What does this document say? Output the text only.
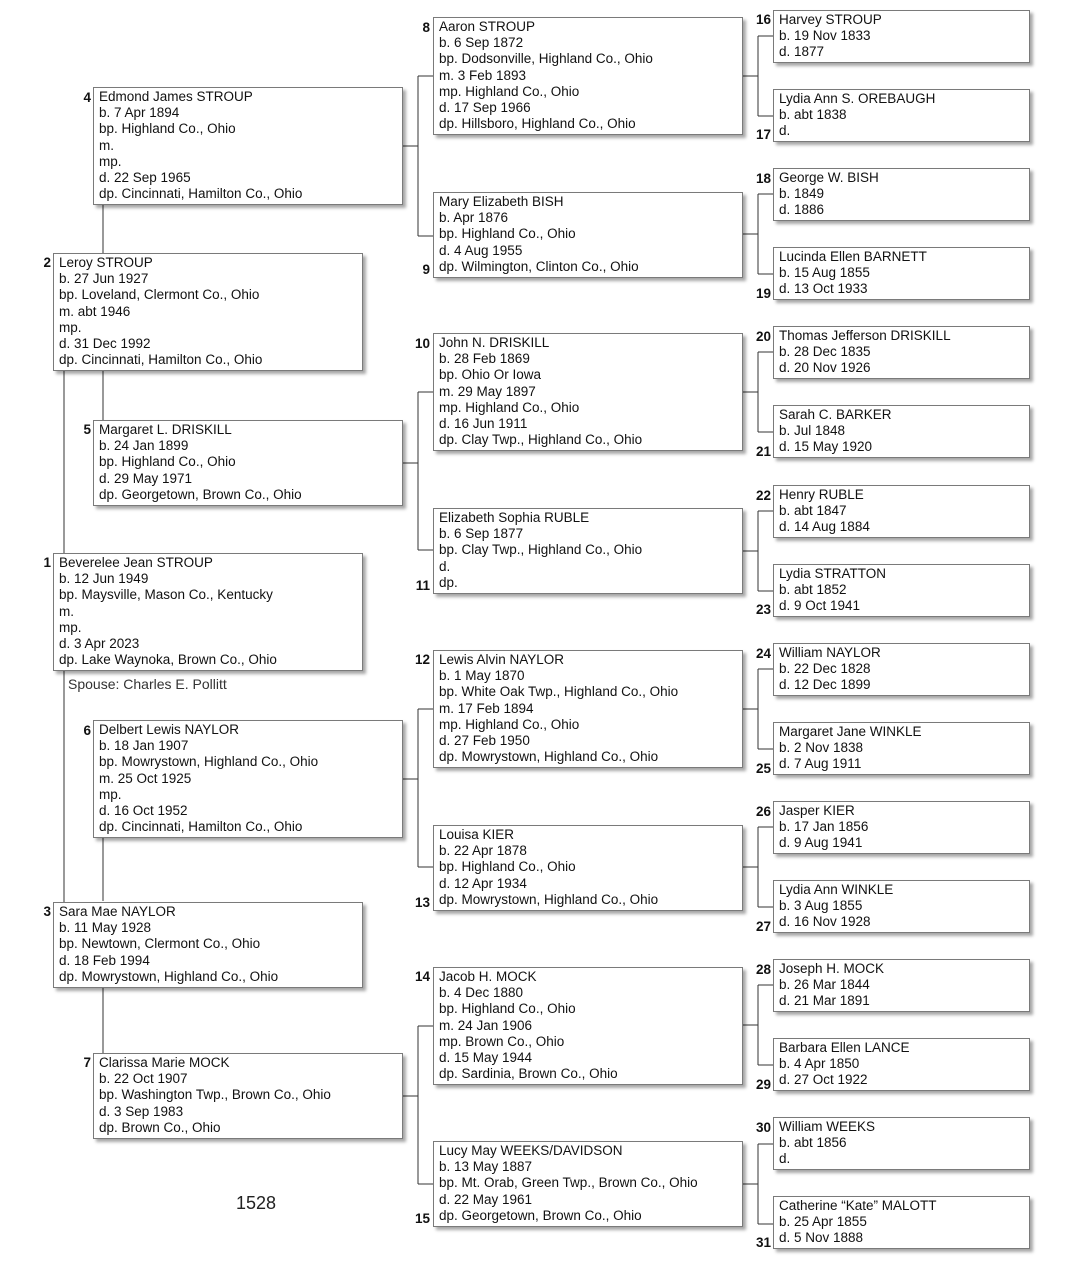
1 Beverelee Jean STROUP
b. 12 Jun 1949
bp. Maysville, Mason Co., Kentucky
m.
mp.
d. 3 Apr 2023
dp. Lake Waynoka, Brown Co., Ohio
Spouse: Charles E. Pollitt
2 Leroy STROUP
b. 27 Jun 1927
bp. Loveland, Clermont Co., Ohio
m. abt 1946
mp.
d. 31 Dec 1992
dp. Cincinnati, Hamilton Co., Ohio
3 Sara Mae NAYLOR
b. 11 May 1928
bp. Newtown, Clermont Co., Ohio
d. 18 Feb 1994
dp. Mowrystown, Highland Co., Ohio
4 Edmond James STROUP
b. 7 Apr 1894
bp. Highland Co., Ohio
m.
mp.
d. 22 Sep 1965
dp. Cincinnati, Hamilton Co., Ohio
5 Margaret L. DRISKILL
b. 24 Jan 1899
bp. Highland Co., Ohio
d. 29 May 1971
dp. Georgetown, Brown Co., Ohio
6 Delbert Lewis NAYLOR
b. 18 Jan 1907
bp. Mowrystown, Highland Co., Ohio
m. 25 Oct 1925
mp.
d. 16 Oct 1952
dp. Cincinnati, Hamilton Co., Ohio
7 Clarissa Marie MOCK
b. 22 Oct 1907
bp. Washington Twp., Brown Co., Ohio
d. 3 Sep 1983
dp. Brown Co., Ohio
8 Aaron STROUP
b. 6 Sep 1872
bp. Dodsonville, Highland Co., Ohio
m. 3 Feb 1893
mp. Highland Co., Ohio
d. 17 Sep 1966
dp. Hillsboro, Highland Co., Ohio
9
Mary Elizabeth BISH
b. Apr 1876
bp. Highland Co., Ohio
d. 4 Aug 1955
dp. Wilmington, Clinton Co., Ohio
10 John N. DRISKILL
b. 28 Feb 1869
bp. Ohio Or Iowa
m. 29 May 1897
mp. Highland Co., Ohio
d. 16 Jun 1911
dp. Clay Twp., Highland Co., Ohio
11
Elizabeth Sophia RUBLE
b. 6 Sep 1877
bp. Clay Twp., Highland Co., Ohio
d.
dp.
12 Lewis Alvin NAYLOR
b. 1 May 1870
bp. White Oak Twp., Highland Co., Ohio
m. 17 Feb 1894
mp. Highland Co., Ohio
d. 27 Feb 1950
dp. Mowrystown, Highland Co., Ohio
13
Louisa KIER
b. 22 Apr 1878
bp. Highland Co., Ohio
d. 12 Apr 1934
dp. Mowrystown, Highland Co., Ohio
14 Jacob H. MOCK
b. 4 Dec 1880
bp. Highland Co., Ohio
m. 24 Jan 1906
mp. Brown Co., Ohio
d. 15 May 1944
dp. Sardinia, Brown Co., Ohio
15
Lucy May WEEKS/DAVIDSON
b. 13 May 1887
bp. Mt. Orab, Green Twp., Brown Co., Ohio
d. 22 May 1961
dp. Georgetown, Brown Co., Ohio
16 Harvey STROUP
b. 19 Nov 1833
d. 1877
17
Lydia Ann S. OREBAUGH
b. abt 1838
d.
18 George W. BISH
b. 1849
d. 1886
19
Lucinda Ellen BARNETT
b. 15 Aug 1855
d. 13 Oct 1933
20 Thomas Jefferson DRISKILL
b. 28 Dec 1835
d. 20 Nov 1926
21
Sarah C. BARKER
b. Jul 1848
d. 15 May 1920
22 Henry RUBLE
b. abt 1847
d. 14 Aug 1884
23
Lydia STRATTON
b. abt 1852
d. 9 Oct 1941
24 William NAYLOR
b. 22 Dec 1828
d. 12 Dec 1899
25
Margaret Jane WINKLE
b. 2 Nov 1838
d. 7 Aug 1911
26 Jasper KIER
b. 17 Jan 1856
d. 9 Aug 1941
27
Lydia Ann WINKLE
b. 3 Aug 1855
d. 16 Nov 1928
28 Joseph H. MOCK
b. 26 Mar 1844
d. 21 Mar 1891
29
Barbara Ellen LANCE
b. 4 Apr 1850
d. 27 Oct 1922
30 William WEEKS
b. abt 1856
d.
31
Catherine “Kate” MALOTT
b. 25 Apr 1855
d. 5 Nov 1888
1528
